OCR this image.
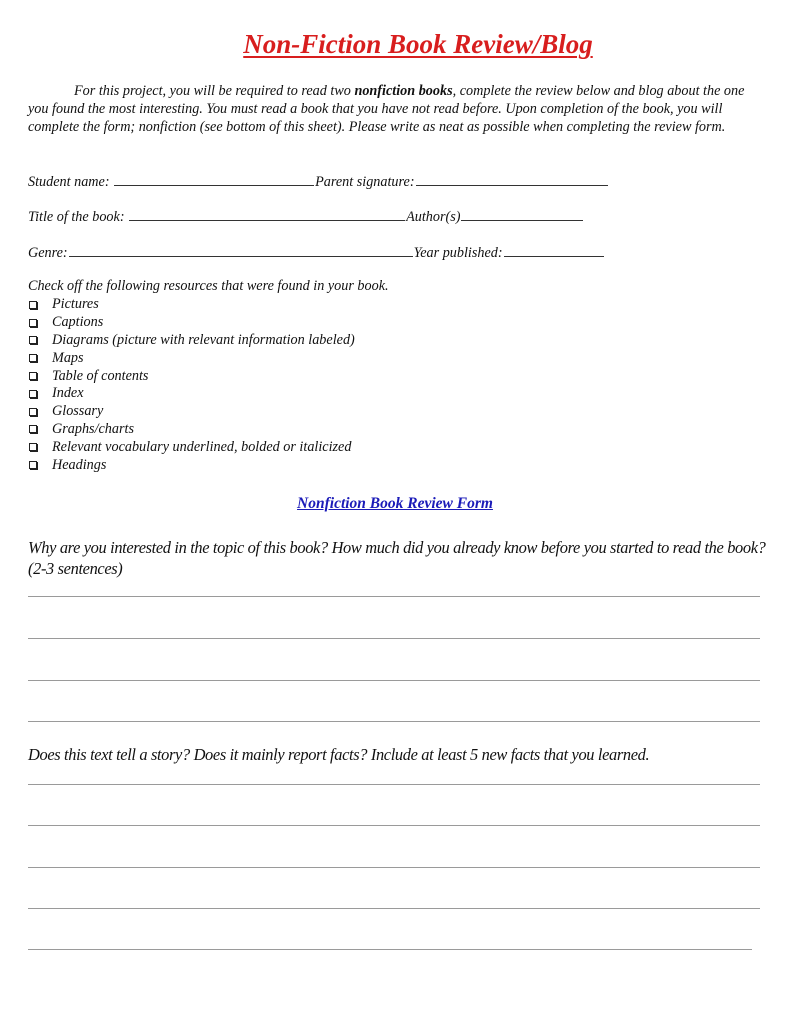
Non-Fiction Book Review/Blog
For this project, you will be required to read two nonfiction books, complete the review below and blog about the one you found the most interesting. You must read a book that you have not read before. Upon completion of the book, you will complete the form; nonfiction (see bottom of this sheet). Please write as neat as possible when completing the review form.
Student name:	Parent signature:
Title of the book:	Author(s)
Genre:	Year published:
Check off the following resources that were found in your book.
Pictures
Captions
Diagrams (picture with relevant information labeled)
Maps
Table of contents
Index
Glossary
Graphs/charts
Relevant vocabulary underlined, bolded or italicized
Headings
Nonfiction Book Review Form
Why are you interested in the topic of this book? How much did you already know before you started to read the book? (2-3 sentences)
Does this text tell a story? Does it mainly report facts? Include at least 5 new facts that you learned.
